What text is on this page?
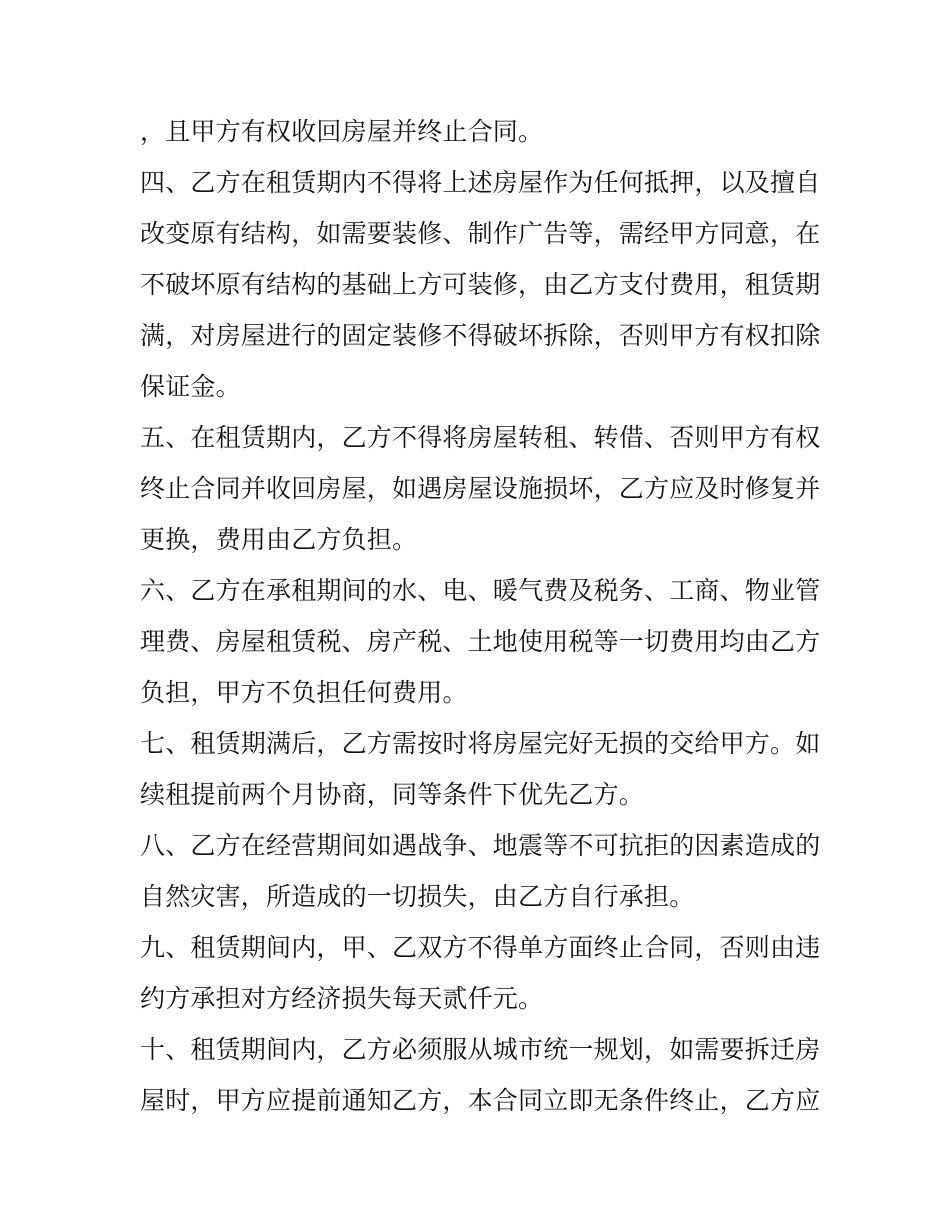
，且甲方有权收回房屋并终止合同。
四、乙方在租赁期内不得将上述房屋作为任何抵押，以及擅自
改变原有结构，如需要装修、制作广告等，需经甲方同意，在
不破坏原有结构的基础上方可装修，由乙方支付费用，租赁期
满，对房屋进行的固定装修不得破坏拆除，否则甲方有权扣除
保证金。
五、在租赁期内，乙方不得将房屋转租、转借、否则甲方有权
终止合同并收回房屋，如遇房屋设施损坏，乙方应及时修复并
更换，费用由乙方负担。
六、乙方在承租期间的水、电、暖气费及税务、工商、物业管
理费、房屋租赁税、房产税、土地使用税等一切费用均由乙方
负担，甲方不负担任何费用。
七、租赁期满后，乙方需按时将房屋完好无损的交给甲方。如
续租提前两个月协商，同等条件下优先乙方。
八、乙方在经营期间如遇战争、地震等不可抗拒的因素造成的
自然灾害，所造成的一切损失，由乙方自行承担。
九、租赁期间内，甲、乙双方不得单方面终止合同，否则由违
约方承担对方经济损失每天贰仟元。
十、租赁期间内，乙方必须服从城市统一规划，如需要拆迁房
屋时，甲方应提前通知乙方，本合同立即无条件终止，乙方应
